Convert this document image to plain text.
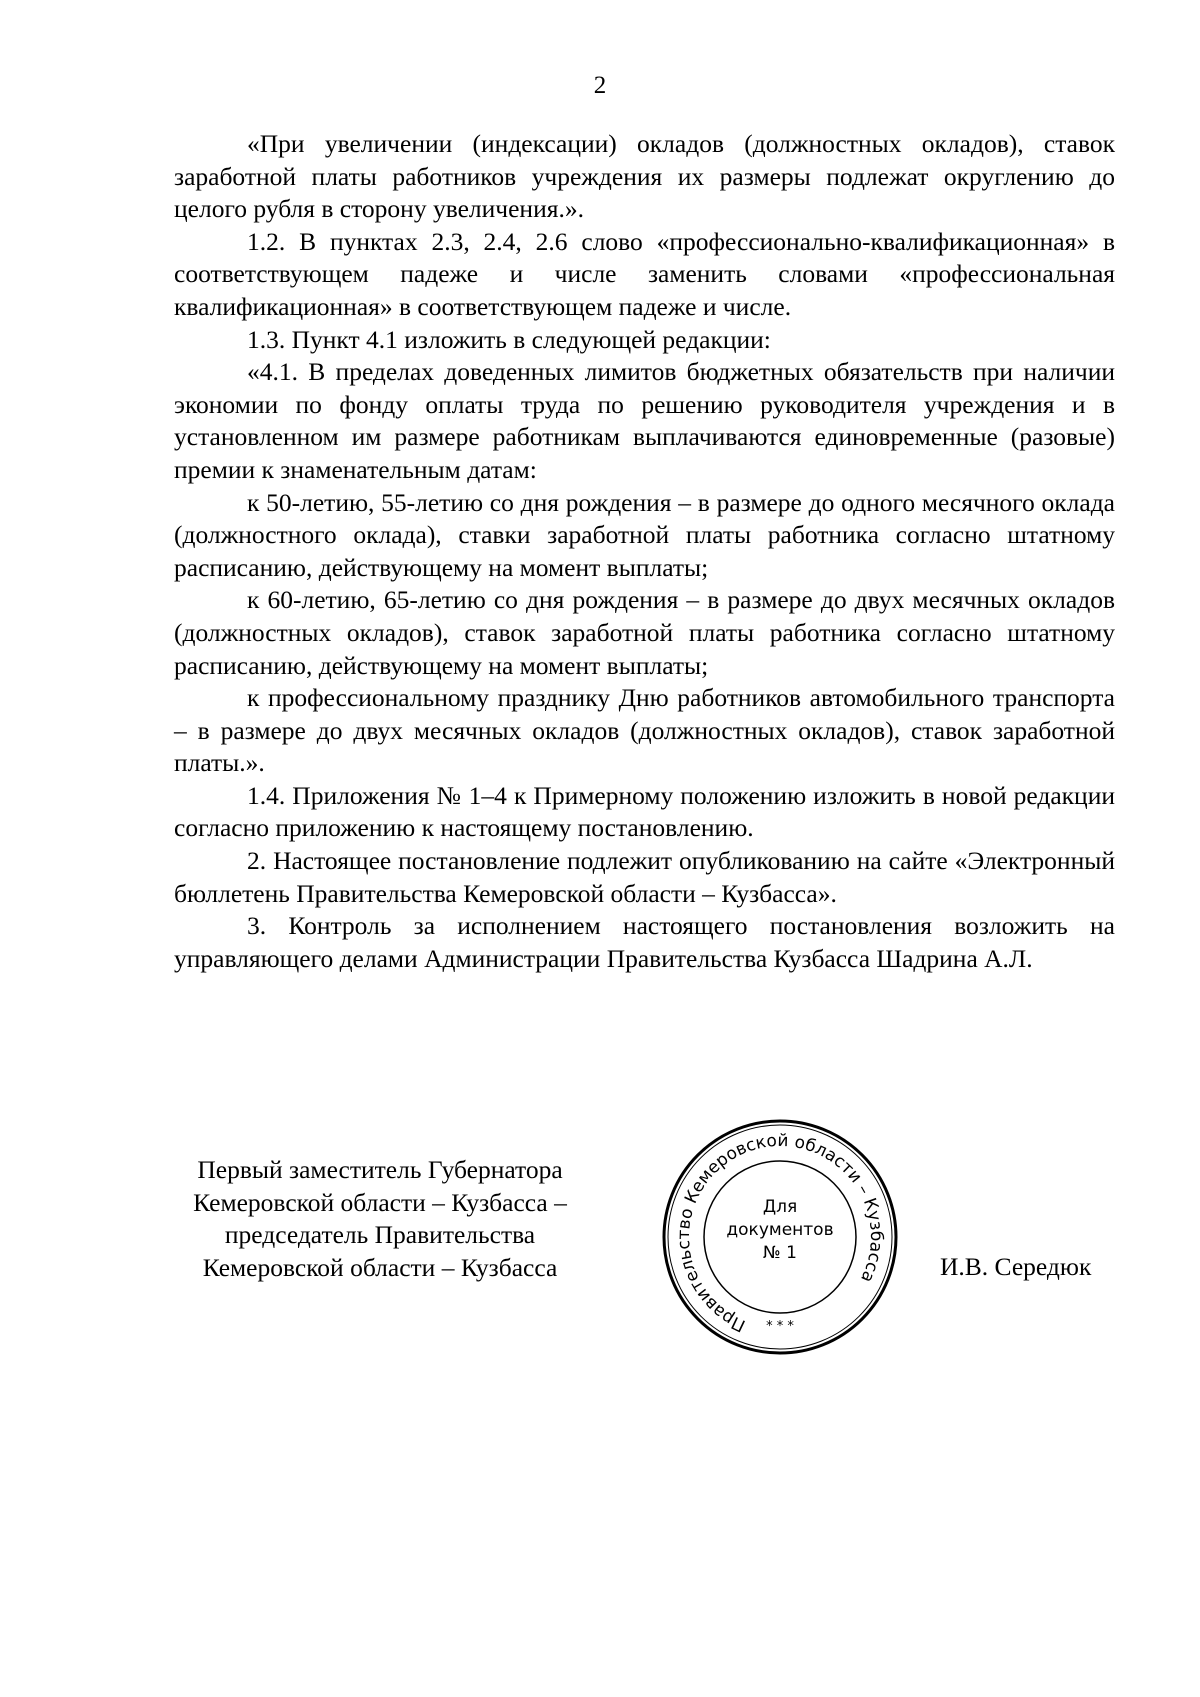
2

«При увеличении (индексации) окладов (должностных окладов), ставок заработной платы работников учреждения их размеры подлежат округлению до целого рубля в сторону увеличения.».

1.2. В пунктах 2.3, 2.4, 2.6 слово «профессионально-квалификационная» в соответствующем падеже и числе заменить словами «профессиональная квалификационная» в соответствующем падеже и числе.

1.3. Пункт 4.1 изложить в следующей редакции:

«4.1. В пределах доведенных лимитов бюджетных обязательств при наличии экономии по фонду оплаты труда по решению руководителя учреждения и в установленном им размере работникам выплачиваются единовременные (разовые) премии к знаменательным датам:

к 50-летию, 55-летию со дня рождения – в размере до одного месячного оклада (должностного оклада), ставки заработной платы работника согласно штатному расписанию, действующему на момент выплаты;

к 60-летию, 65-летию со дня рождения – в размере до двух месячных окладов (должностных окладов), ставок заработной платы работника согласно штатному расписанию, действующему на момент выплаты;

к профессиональному празднику Дню работников автомобильного транспорта – в размере до двух месячных окладов (должностных окладов), ставок заработной платы.».

1.4. Приложения № 1–4 к Примерному положению изложить в новой редакции согласно приложению к настоящему постановлению.

2. Настоящее постановление подлежит опубликованию на сайте «Электронный бюллетень Правительства Кемеровской области – Кузбасса».

3. Контроль за исполнением настоящего постановления возложить на управляющего делами Администрации Правительства Кузбасса Шадрина А.Л.

Первый заместитель Губернатора
Кемеровской области – Кузбасса –
председатель Правительства
Кемеровской области – Кузбасса	И.В. Середюк
Правительство Кемеровской области – Кузбасса
Для
документов
№ 1
* * *
